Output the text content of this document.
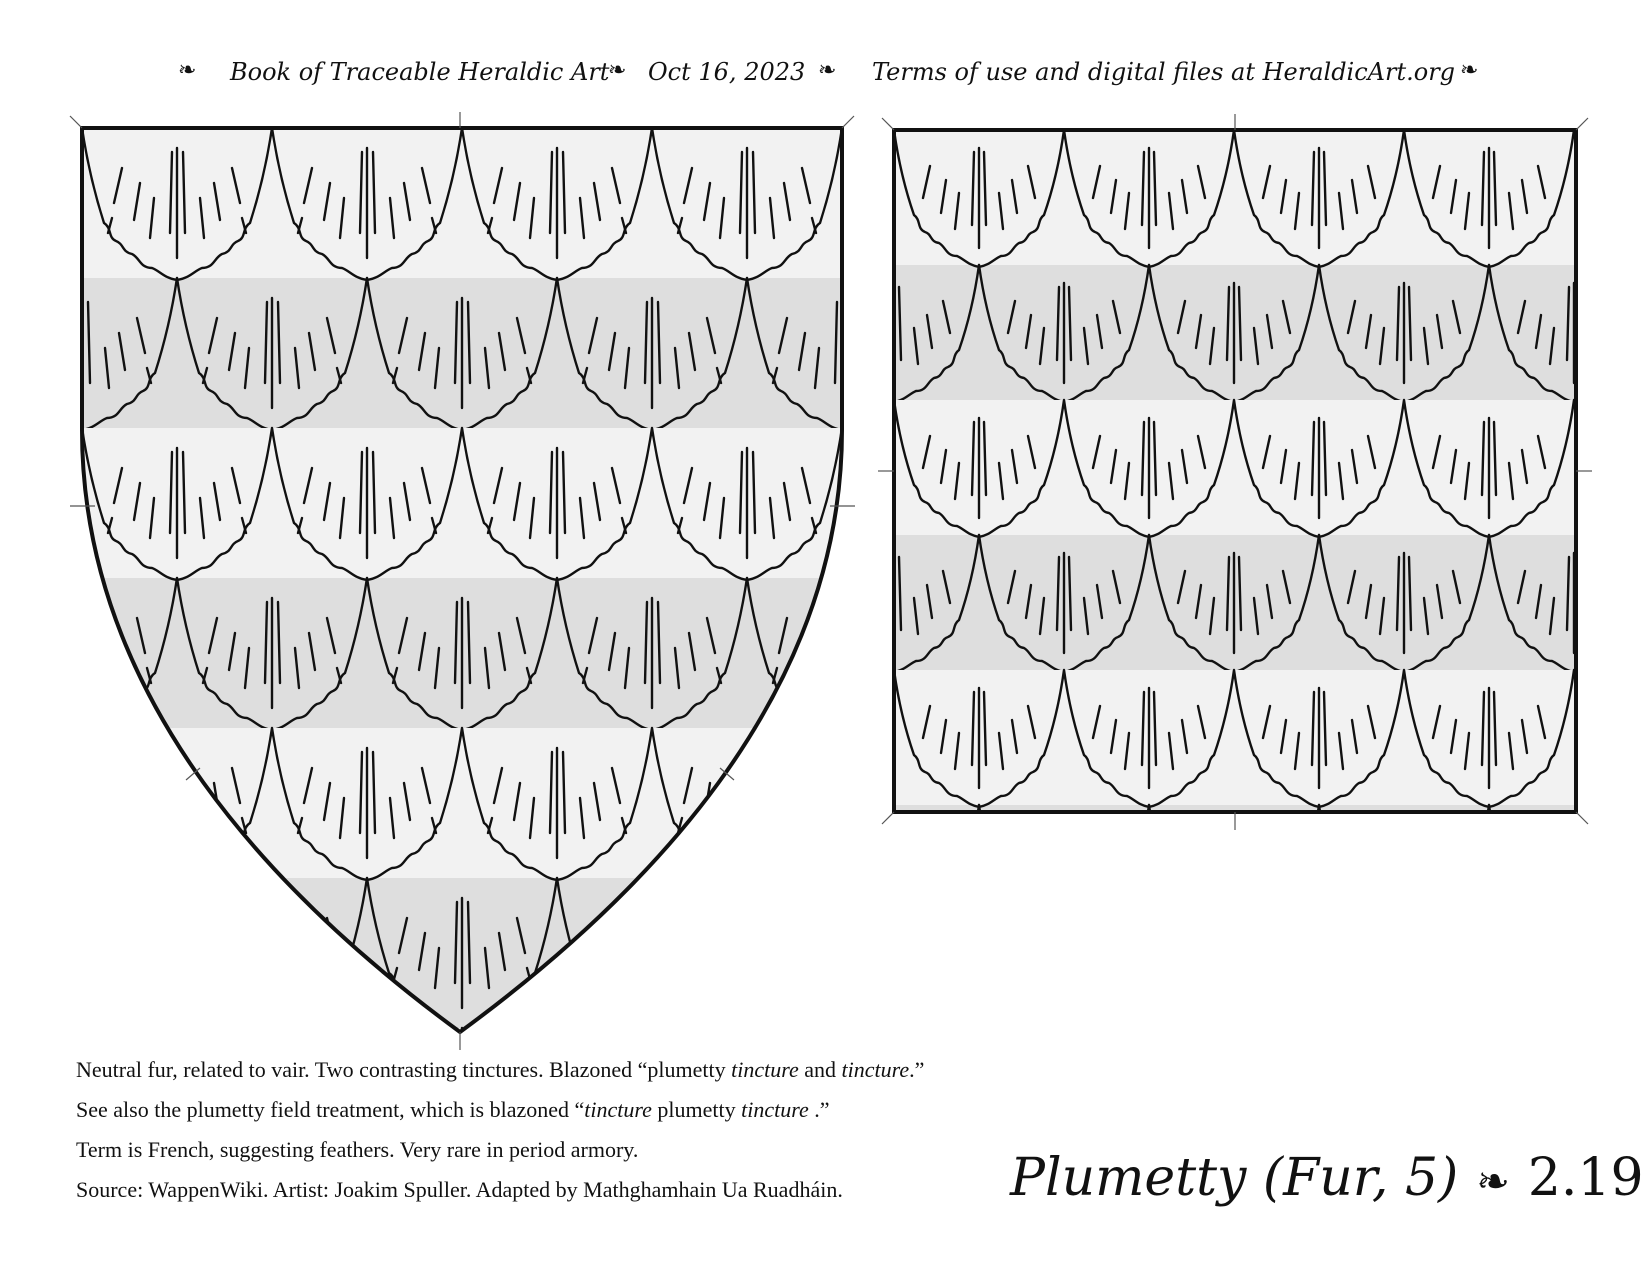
❧ Book of Traceable Heraldic Art
❧ Oct 16, 2023 ❧ Terms of use and digital files at HeraldicArt.org ❧
Neutral fur, related to vair. Two contrasting tinctures. Blazoned “plumetty tincture and tincture.”
See also the plumetty field treatment, which is blazoned “tincture plumetty tincture .”
Term is French, suggesting feathers. Very rare in period armory.
Source: WappenWiki. Artist: Joakim Spuller. Adapted by Mathghamhain Ua Ruadháin.	Plumetty (Fur, 5) ❧ 2.19
